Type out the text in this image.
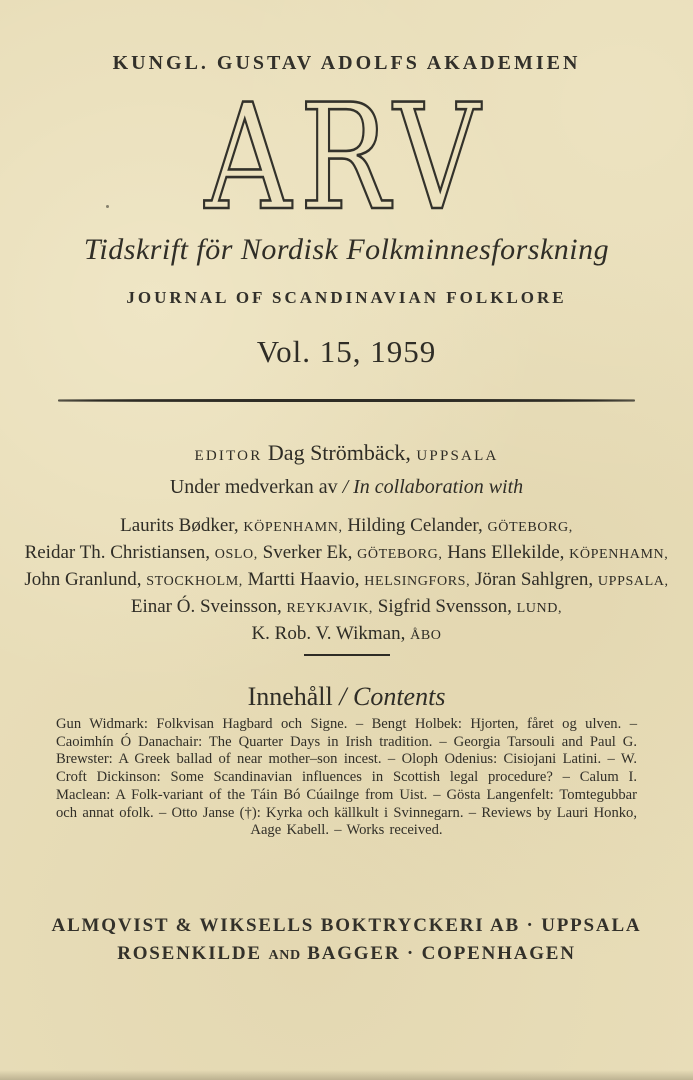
KUNGL. GUSTAV ADOLFS AKADEMIEN
ARV
Tidskrift för Nordisk Folkminnesforskning
JOURNAL OF SCANDINAVIAN FOLKLORE
Vol. 15, 1959
EDITOR Dag Strömbäck, UPPSALA
Under medverkan av / In collaboration with
Laurits Bødker, KÖPENHAMN, Hilding Celander, GÖTEBORG,
Reidar Th. Christiansen, OSLO, Sverker Ek, GÖTEBORG, Hans Ellekilde, KÖPENHAMN,
John Granlund, STOCKHOLM, Martti Haavio, HELSINGFORS, Jöran Sahlgren, UPPSALA,
Einar Ó. Sveinsson, REYKJAVIK, Sigfrid Svensson, LUND,
K. Rob. V. Wikman, ÅBO
Innehåll / Contents
Gun Widmark: Folkvisan Hagbard och Signe. – Bengt Holbek: Hjorten, fåret og ulven. – Caoimhín Ó Danachair: The Quarter Days in Irish tradition. – Georgia Tarsouli and Paul G. Brewster: A Greek ballad of near mother–son incest. – Oloph Odenius: Cisiojani Latini. – W. Croft Dickinson: Some Scandinavian influences in Scottish legal procedure? – Calum I. Maclean: A Folk-variant of the Táin Bó Cúailnge from Uist. – Gösta Langenfelt: Tomtegubbar och annat ofolk. – Otto Janse (†): Kyrka och källkult i Svinnegarn. – Reviews by Lauri Honko, Aage Kabell. – Works received.
ALMQVIST & WIKSELLS BOKTRYCKERI AB · UPPSALA
ROSENKILDE AND BAGGER · COPENHAGEN
